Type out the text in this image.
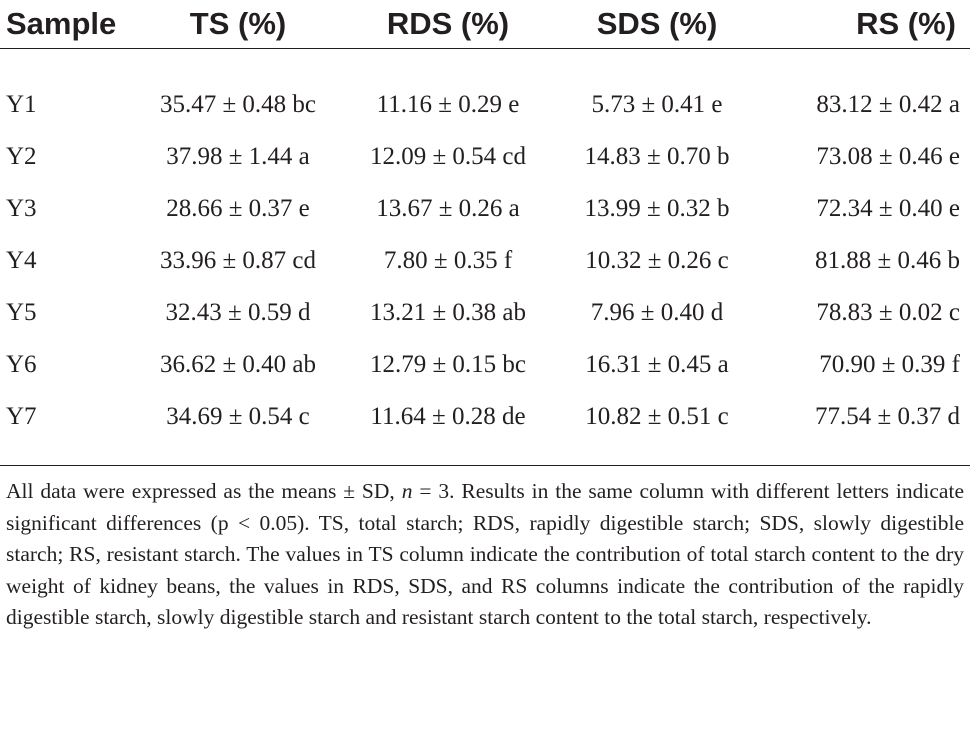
Sample	TS (%)	RDS (%)	SDS (%)	RS (%)

Y1	35.47 ± 0.48 bc	11.16 ± 0.29 e	5.73 ± 0.41 e	83.12 ± 0.42 a
Y2	37.98 ± 1.44 a	12.09 ± 0.54 cd	14.83 ± 0.70 b	73.08 ± 0.46 e
Y3	28.66 ± 0.37 e	13.67 ± 0.26 a	13.99 ± 0.32 b	72.34 ± 0.40 e
Y4	33.96 ± 0.87 cd	7.80 ± 0.35 f	10.32 ± 0.26 c	81.88 ± 0.46 b
Y5	32.43 ± 0.59 d	13.21 ± 0.38 ab	7.96 ± 0.40 d	78.83 ± 0.02 c
Y6	36.62 ± 0.40 ab	12.79 ± 0.15 bc	16.31 ± 0.45 a	70.90 ± 0.39 f
Y7	34.69 ± 0.54 c	11.64 ± 0.28 de	10.82 ± 0.51 c	77.54 ± 0.37 d

All data were expressed as the means ± SD, n = 3. Results in the same column with different letters indicate significant differences (p < 0.05). TS, total starch; RDS, rapidly digestible starch; SDS, slowly digestible starch; RS, resistant starch. The values in TS column indicate the contribution of total starch content to the dry weight of kidney beans, the values in RDS, SDS, and RS columns indicate the contribution of the rapidly digestible starch, slowly digestible starch and resistant starch content to the total starch, respectively.
